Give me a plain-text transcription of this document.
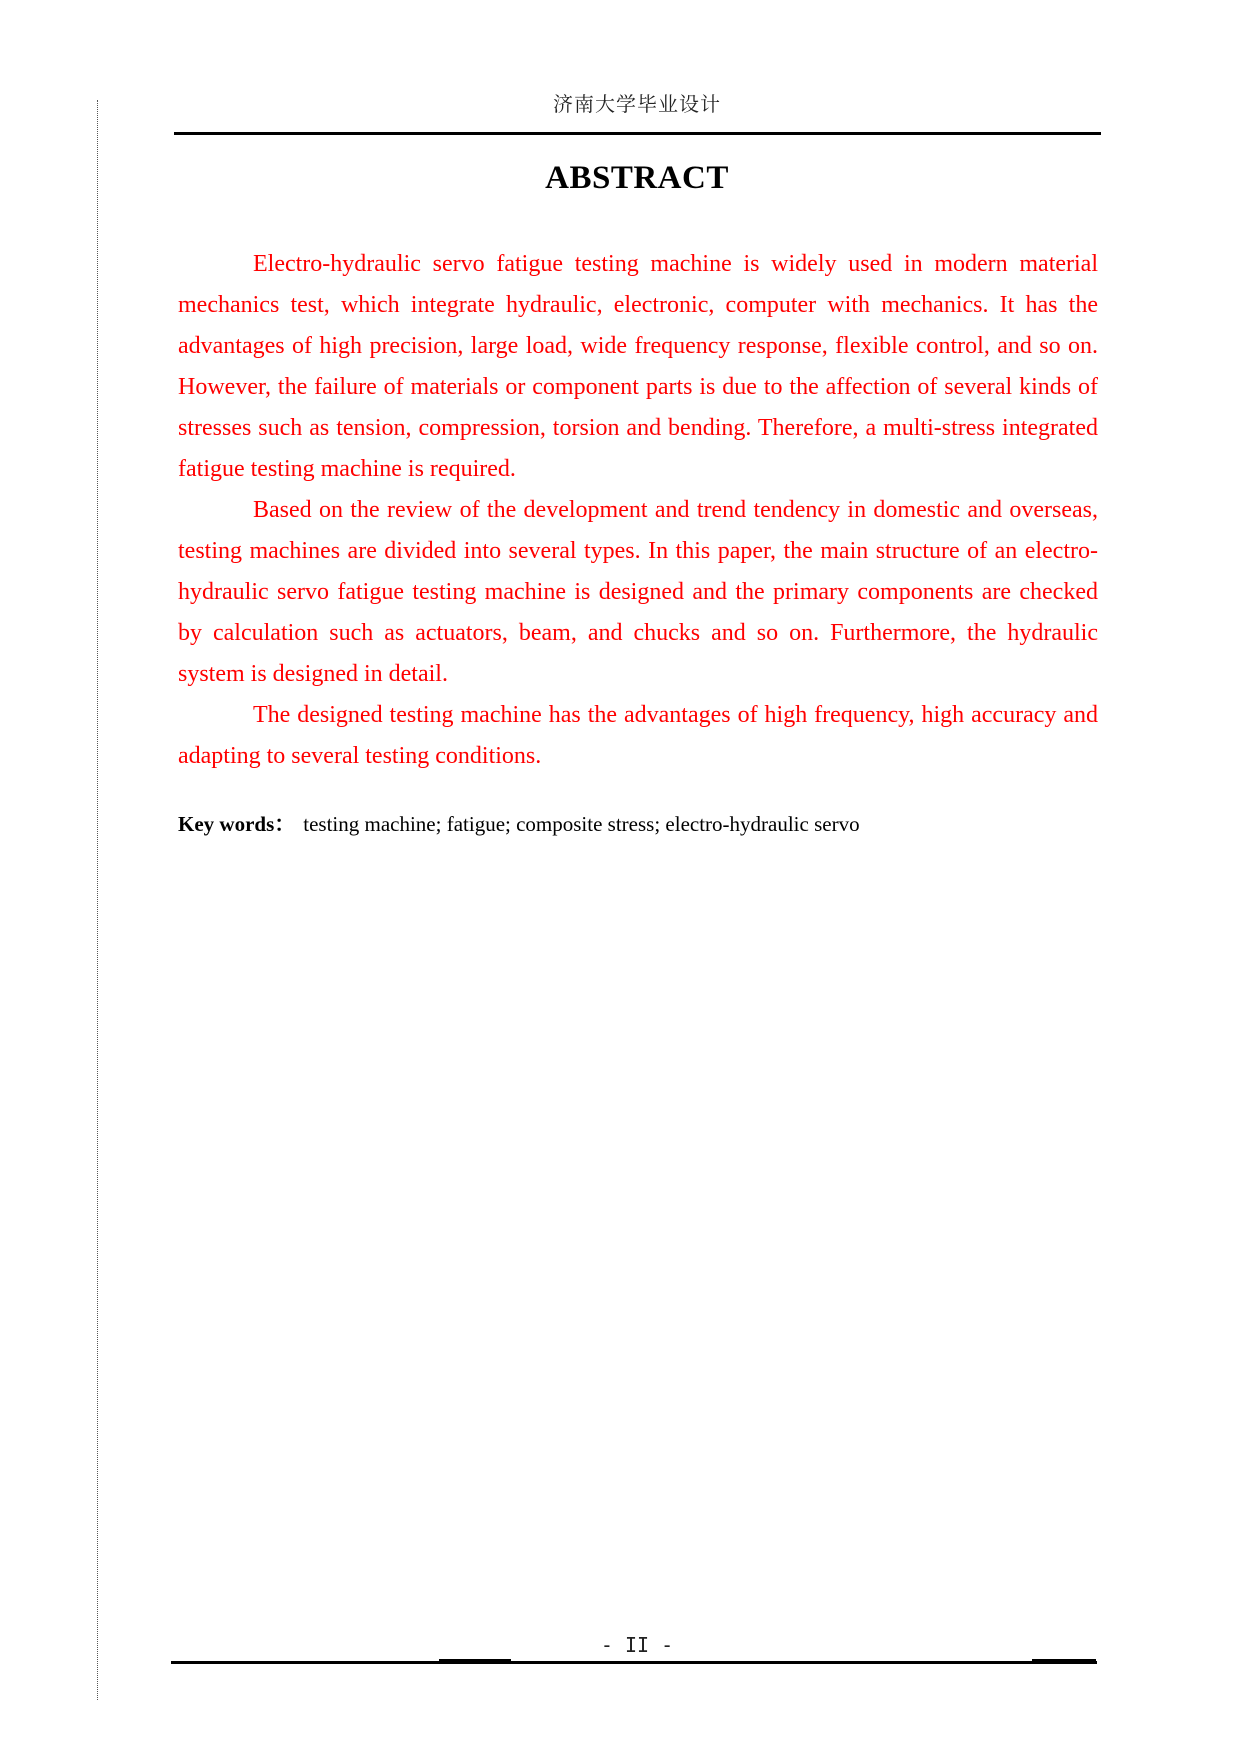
济南大学毕业设计
ABSTRACT

Electro-hydraulic servo fatigue testing machine is widely used in modern material mechanics test, which integrate hydraulic, electronic, computer with mechanics. It has the advantages of high precision, large load, wide frequency response, flexible control, and so on. However, the failure of materials or component parts is due to the affection of several kinds of stresses such as tension, compression, torsion and bending. Therefore, a multi-stress integrated fatigue testing machine is required.

Based on the review of the development and trend tendency in domestic and overseas, testing machines are divided into several types. In this paper, the main structure of an electro-hydraulic servo fatigue testing machine is designed and the primary components are checked by calculation such as actuators, beam, and chucks and so on. Furthermore, the hydraulic system is designed in detail.

The designed testing machine has the advantages of high frequency, high accuracy and adapting to several testing conditions.

Key words： testing machine; fatigue; composite stress; electro-hydraulic servo
- II -
